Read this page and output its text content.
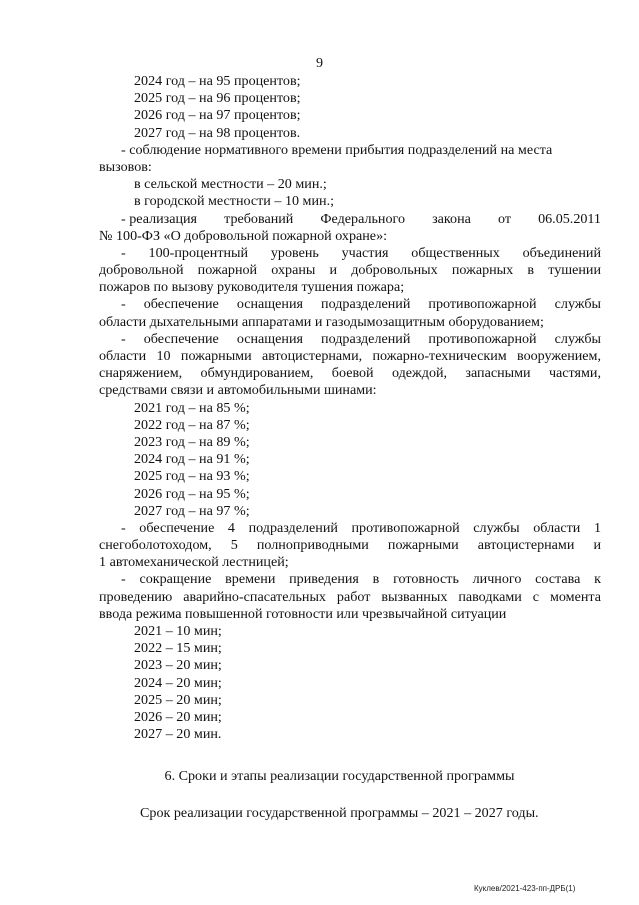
9
2024 год – на 95 процентов;
2025 год – на 96 процентов;
2026 год – на 97 процентов;
2027 год – на 98 процентов.
- соблюдение нормативного времени прибытия подразделений на места
вызовов:
в сельской местности – 20 мин.;
в городской местности – 10 мин.;
- реализация требований Федерального закона от 06.05.2011
№ 100-ФЗ «О добровольной пожарной охране»:
- 100-процентный уровень участия общественных объединений
добровольной пожарной охраны и добровольных пожарных в тушении
пожаров по вызову руководителя тушения пожара;
- обеспечение оснащения подразделений противопожарной службы
области дыхательными аппаратами и газодымозащитным оборудованием;
- обеспечение оснащения подразделений противопожарной службы
области 10 пожарными автоцистернами, пожарно-техническим вооружением,
снаряжением, обмундированием, боевой одеждой, запасными частями,
средствами связи и автомобильными шинами:
2021 год – на 85 %;
2022 год – на 87 %;
2023 год – на 89 %;
2024 год – на 91 %;
2025 год – на 93 %;
2026 год – на 95 %;
2027 год – на 97 %;
- обеспечение 4 подразделений противопожарной службы области 1
снегоболотоходом, 5 полноприводными пожарными автоцистернами и
1 автомеханической лестницей;
- сокращение времени приведения в готовность личного состава к
проведению аварийно-спасательных работ вызванных паводками с момента
ввода режима повышенной готовности или чрезвычайной ситуации
2021 – 10 мин;
2022 – 15 мин;
2023 – 20 мин;
2024 – 20 мин;
2025 – 20 мин;
2026 – 20 мин;
2027 – 20 мин.
6. Сроки и этапы реализации государственной программы
Срок реализации государственной программы – 2021 – 2027 годы.
Куклев/2021-423-пп-ДРБ(1)
